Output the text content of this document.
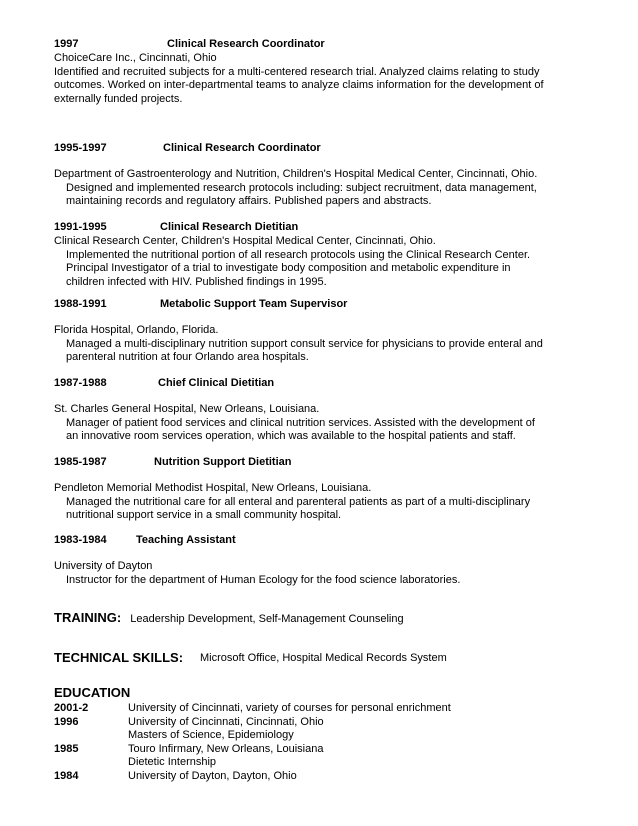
1997	Clinical Research Coordinator
ChoiceCare Inc., Cincinnati, Ohio
Identified and recruited subjects for a multi-centered research trial. Analyzed claims relating to study
outcomes. Worked on inter-departmental teams to analyze claims information for the development of
externally funded projects.
1995-1997	Clinical Research Coordinator
Department of Gastroenterology and Nutrition, Children's Hospital Medical Center, Cincinnati, Ohio.
Designed and implemented research protocols including: subject recruitment, data management,
maintaining records and regulatory affairs. Published papers and abstracts.
1991-1995	Clinical Research Dietitian
Clinical Research Center, Children's Hospital Medical Center, Cincinnati, Ohio.
Implemented the nutritional portion of all research protocols using the Clinical Research Center.
Principal Investigator of a trial to investigate body composition and metabolic expenditure in
children infected with HIV. Published findings in 1995.
1988-1991	Metabolic Support Team Supervisor
Florida Hospital, Orlando, Florida.
Managed a multi-disciplinary nutrition support consult service for physicians to provide enteral and
parenteral nutrition at four Orlando area hospitals.
1987-1988	Chief Clinical Dietitian
St. Charles General Hospital, New Orleans, Louisiana.
Manager of patient food services and clinical nutrition services. Assisted with the development of
an innovative room services operation, which was available to the hospital patients and staff.
1985-1987	Nutrition Support Dietitian
Pendleton Memorial Methodist Hospital, New Orleans, Louisiana.
Managed the nutritional care for all enteral and parenteral patients as part of a multi-disciplinary
nutritional support service in a small community hospital.
1983-1984	Teaching Assistant
University of Dayton
Instructor for the department of Human Ecology for the food science laboratories.
TRAINING: Leadership Development, Self-Management Counseling
TECHNICAL SKILLS: Microsoft Office, Hospital Medical Records System
EDUCATION
2001-2	University of Cincinnati, variety of courses for personal enrichment
1996	University of Cincinnati, Cincinnati, Ohio
Masters of Science, Epidemiology
1985	Touro Infirmary, New Orleans, Louisiana
Dietetic Internship
1984	University of Dayton, Dayton, Ohio
